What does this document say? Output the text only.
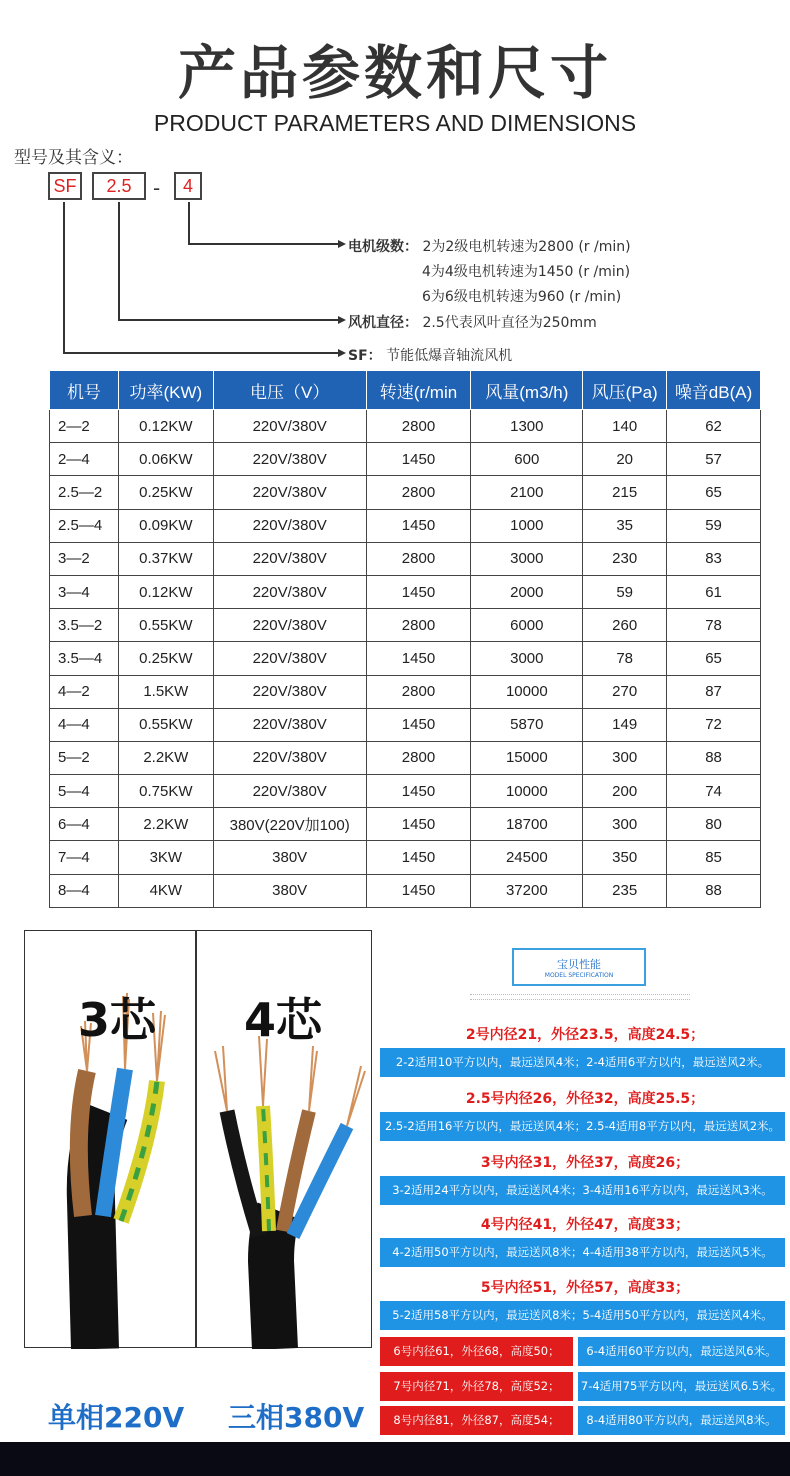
产品参数和尺寸
PRODUCT PARAMETERS AND DIMENSIONS
型号及其含义：
SF	2.5	-	4
电机级数： 2为2级电机转速为2800 (r /min)
4为4级电机转速为1450 (r /min)
6为6级电机转速为960 (r /min)
风机直径： 2.5代表风叶直径为250mm
SF： 节能低爆音轴流风机
机号	功率(KW)	电压（V）	转速(r/min	风量(m3/h)	风压(Pa)	噪音dB(A)
2—2	0.12KW	220V/380V	2800	1300	140	62
2—4	0.06KW	220V/380V	1450	600	20	57
2.5—2	0.25KW	220V/380V	2800	2100	215	65
2.5—4	0.09KW	220V/380V	1450	1000	35	59
3—2	0.37KW	220V/380V	2800	3000	230	83
3—4	0.12KW	220V/380V	1450	2000	59	61
3.5—2	0.55KW	220V/380V	2800	6000	260	78
3.5—4	0.25KW	220V/380V	1450	3000	78	65
4—2	1.5KW	220V/380V	2800	10000	270	87
4—4	0.55KW	220V/380V	1450	5870	149	72
5—2	2.2KW	220V/380V	2800	15000	300	88
5—4	0.75KW	220V/380V	1450	10000	200	74
6—4	2.2KW	380V(220V加100)	1450	18700	300	80
7—4	3KW	380V	1450	24500	350	85
8—4	4KW	380V	1450	37200	235	88
3芯 4芯
单相220V 三相380V
宝贝性能
MODEL SPECIFICATION
2号内径21，外径23.5，高度24.5；
2-2适用10平方以内，最远送风4米；2-4适用6平方以内，最远送风2米。
2.5号内径26，外径32，高度25.5；
2.5-2适用16平方以内，最远送风4米；2.5-4适用8平方以内，最远送风2米。
3号内径31，外径37，高度26；
3-2适用24平方以内，最远送风4米；3-4适用16平方以内，最远送风3米。
4号内径41，外径47，高度33；
4-2适用50平方以内，最远送风8米；4-4适用38平方以内，最远送风5米。
5号内径51，外径57，高度33；
5-2适用58平方以内，最远送风8米；5-4适用50平方以内，最远送风4米。
6号内径61，外径68，高度50；	6-4适用60平方以内，最远送风6米。
7号内径71，外径78，高度52；	7-4适用75平方以内，最远送风6.5米。
8号内径81，外径87，高度54；	8-4适用80平方以内，最远送风8米。
